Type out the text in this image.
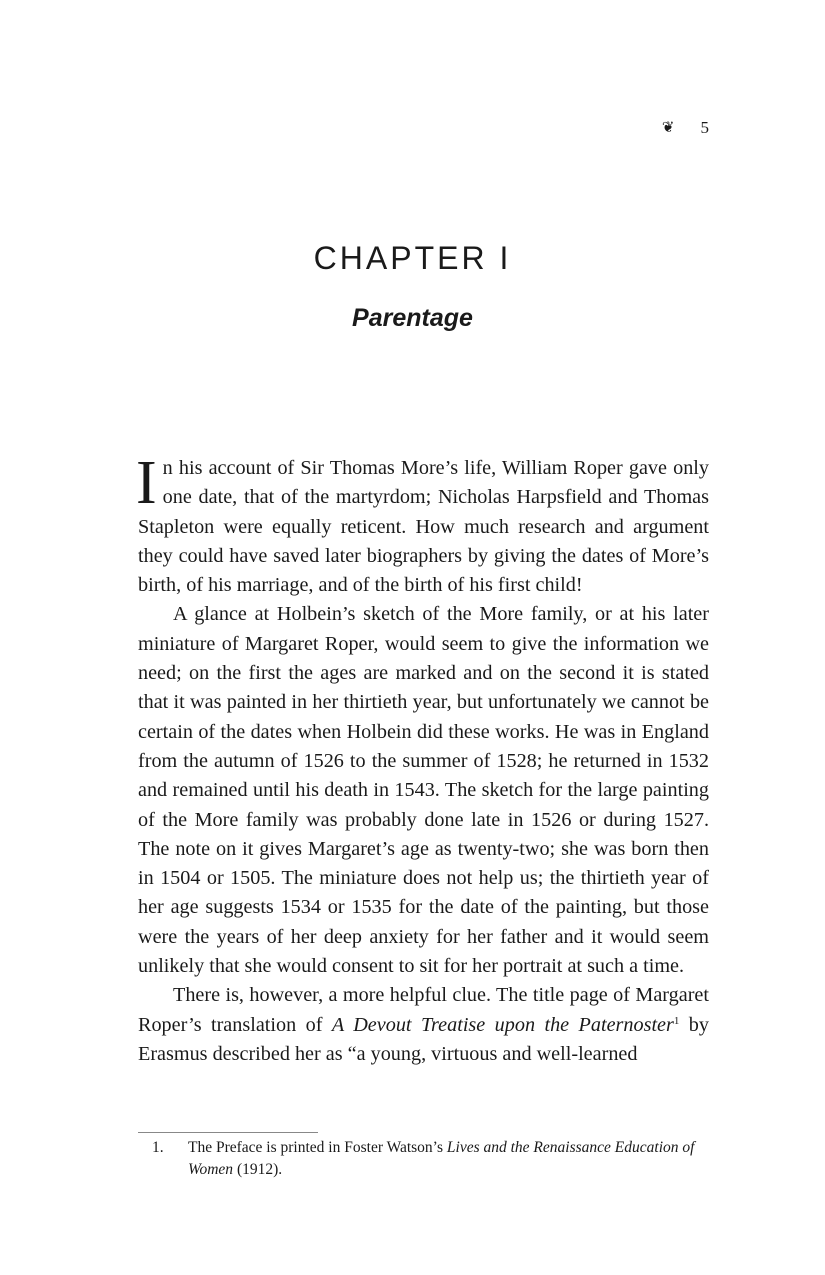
❦ 5
CHAPTER I
Parentage

In his account of Sir Thomas More’s life, William Roper gave only one date, that of the martyrdom; Nicholas Harpsfield and Thomas Stapleton were equally reticent. How much research and argument they could have saved later biographers by giving the dates of More’s birth, of his marriage, and of the birth of his first child!

A glance at Holbein’s sketch of the More family, or at his later miniature of Margaret Roper, would seem to give the information we need; on the first the ages are marked and on the second it is stated that it was painted in her thirtieth year, but unfortunately we cannot be certain of the dates when Holbein did these works. He was in England from the autumn of 1526 to the summer of 1528; he returned in 1532 and remained until his death in 1543. The sketch for the large painting of the More family was probably done late in 1526 or during 1527. The note on it gives Margaret’s age as twenty-two; she was born then in 1504 or 1505. The miniature does not help us; the thirtieth year of her age suggests 1534 or 1535 for the date of the painting, but those were the years of her deep anxiety for her father and it would seem unlikely that she would consent to sit for her portrait at such a time.

There is, however, a more helpful clue. The title page of Margaret Roper’s translation of A Devout Treatise upon the Paternoster$^1$ by Erasmus described her as “a young, virtuous and well-learned

1.	The Preface is printed in Foster Watson’s Lives and the Renaissance Education of Women (1912).
